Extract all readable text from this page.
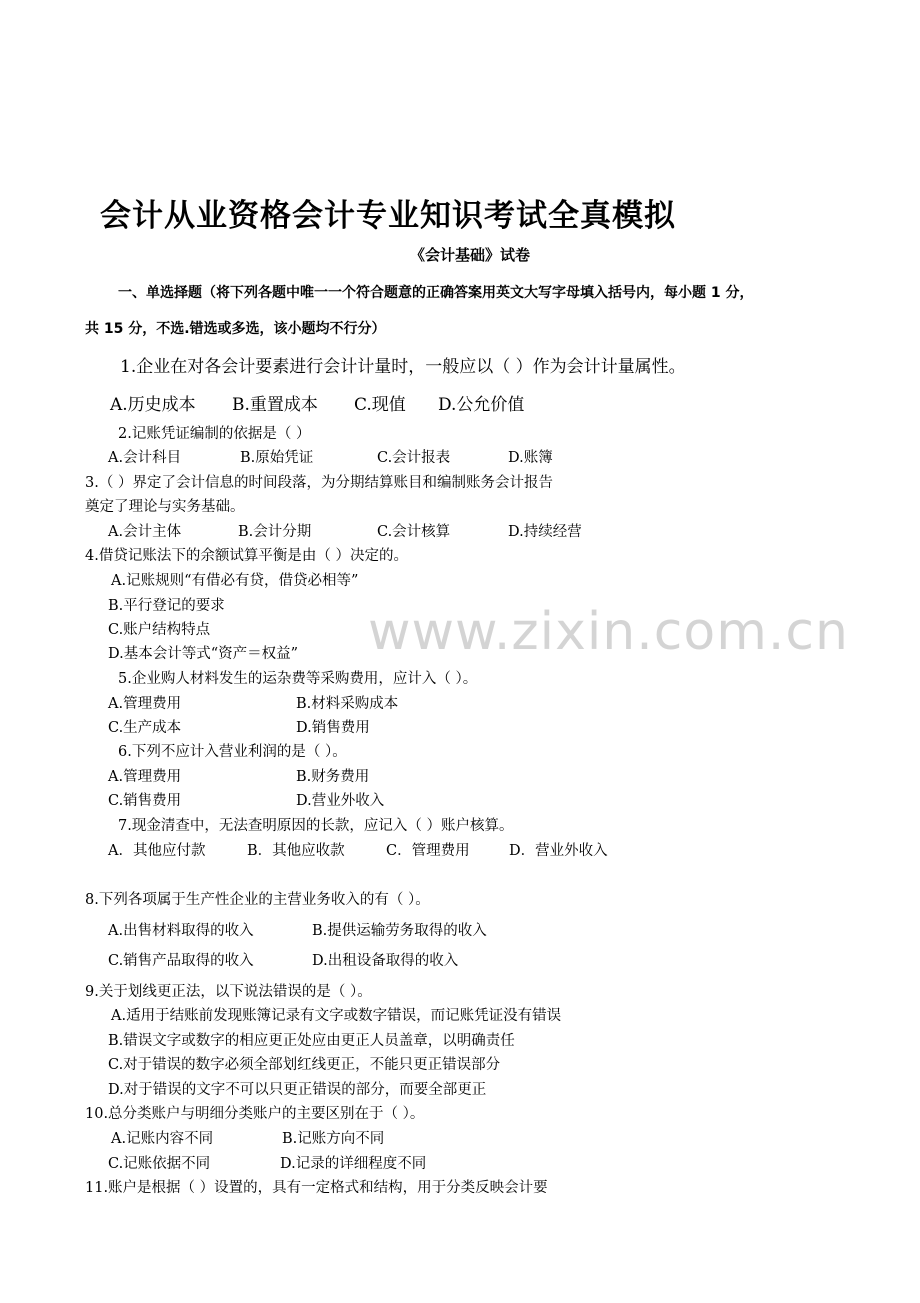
www.zixin.com.cn
会计从业资格会计专业知识考试全真模拟
《会计基础》试卷
一、单选择题（将下列各题中唯一一个符合题意的正确答案用英文大写字母填入括号内，每小题 1 分，
共 15 分，不选.错选或多选，该小题均不行分）
1.企业在对各会计要素进行会计计量时，一般应以（ ）作为会计计量属性。
A.历史成本 B.重置成本 C.现值 D.公允价值
2.记账凭证编制的依据是（ ）
A.会计科目	B.原始凭证	C.会计报表	D.账簿
3.（ ）界定了会计信息的时间段落，为分期结算账目和编制账务会计报告
奠定了理论与实务基础。
A.会计主体	B.会计分期	C.会计核算	D.持续经营
4.借贷记账法下的余额试算平衡是由（ ）决定的。
A.记账规则“有借必有贷，借贷必相等”
B.平行登记的要求
C.账户结构特点
D.基本会计等式“资产＝权益”
5.企业购人材料发生的运杂费等采购费用，应计入（ ）。
A.管理费用	B.材料采购成本
C.生产成本	D.销售费用
6.下列不应计入营业利润的是（ ）。
A.管理费用	B.财务费用
C.销售费用	D.营业外收入
7.现金清查中，无法查明原因的长款，应记入（ ）账户核算。
A．其他应付款	B．其他应收款	C．管理费用	D．营业外收入
8.下列各项属于生产性企业的主营业务收入的有（ ）。
A.出售材料取得的收入	B.提供运输劳务取得的收入
C.销售产品取得的收入	D.出租设备取得的收入
9.关于划线更正法，以下说法错误的是（ ）。
A.适用于结账前发现账簿记录有文字或数字错误，而记账凭证没有错误
B.错误文字或数字的相应更正处应由更正人员盖章，以明确责任
C.对于错误的数字必须全部划红线更正，不能只更正错误部分
D.对于错误的文字不可以只更正错误的部分，而要全部更正
10.总分类账户与明细分类账户的主要区别在于（ ）。
A.记账内容不同	B.记账方向不同
C.记账依据不同	D.记录的详细程度不同
11.账户是根据（ ）设置的，具有一定格式和结构，用于分类反映会计要
